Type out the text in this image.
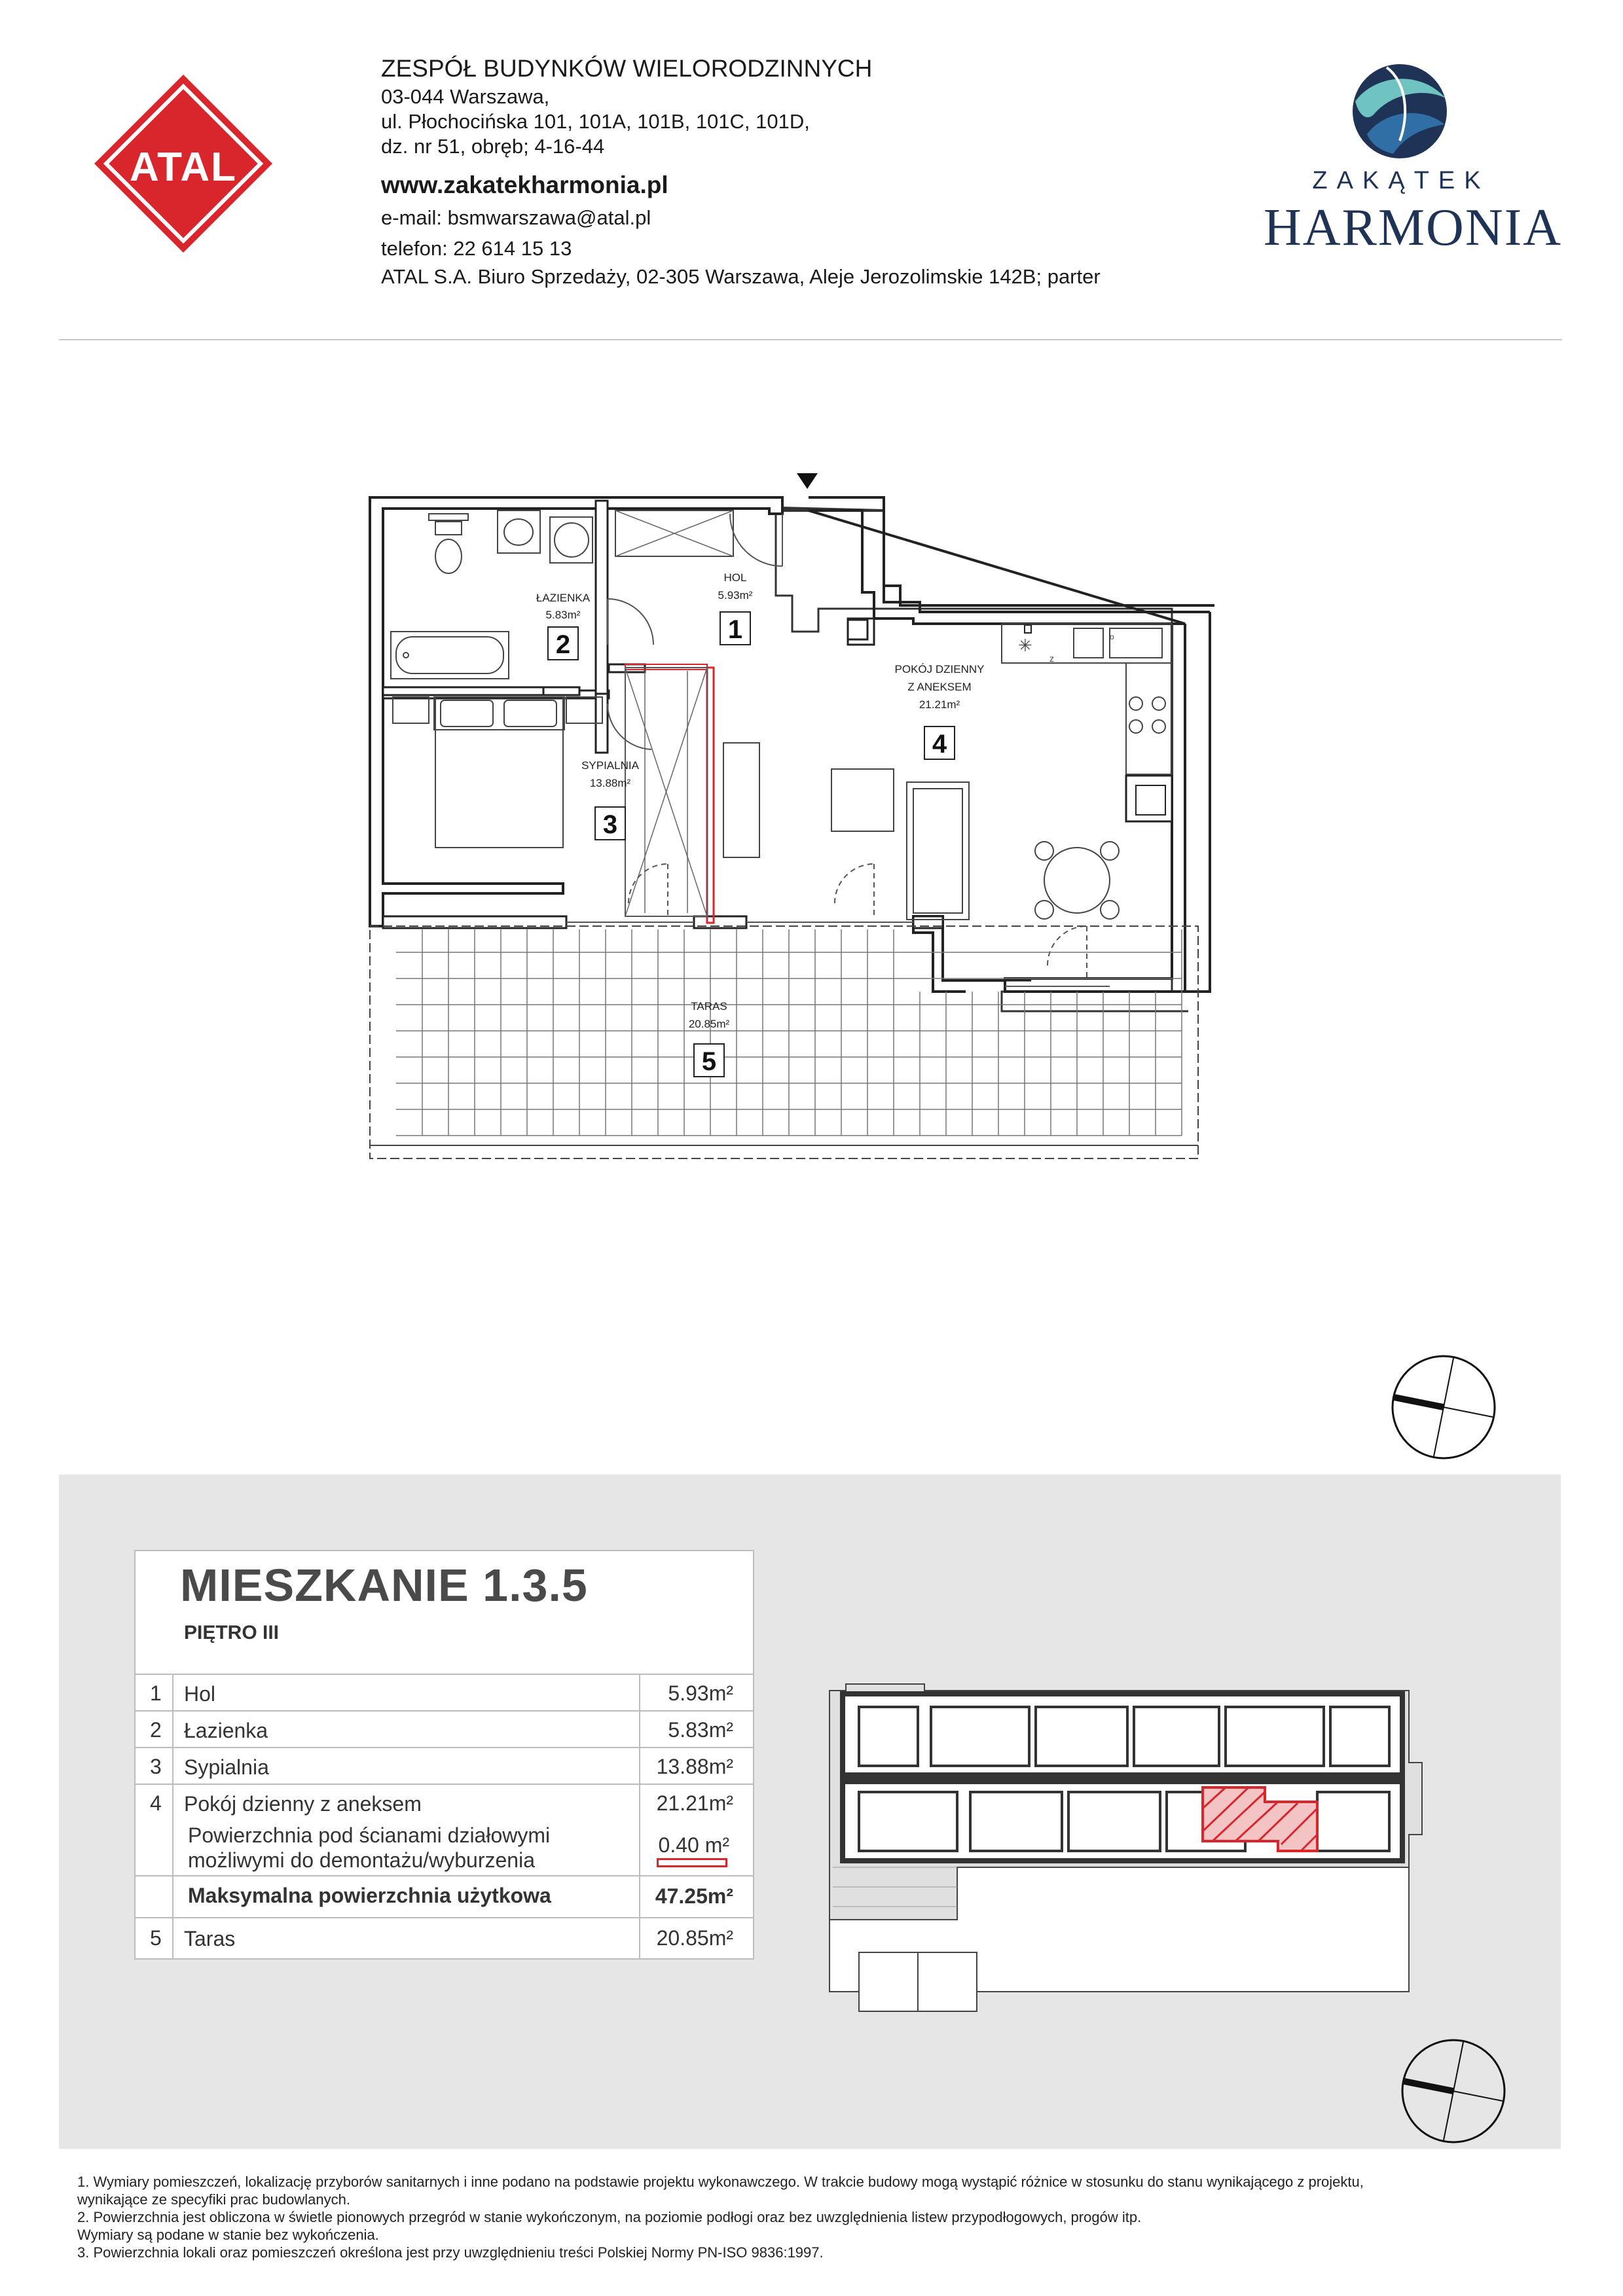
ATAL
ZESPÓŁ BUDYNKÓW WIELORODZINNYCH
03-044 Warszawa,
ul. Płochocińska 101, 101A, 101B, 101C, 101D,
dz. nr 51, obręb; 4-16-44
www.zakatekharmonia.pl
e-mail: bsmwarszawa@atal.pl
telefon: 22 614 15 13
ATAL S.A. Biuro Sprzedaży, 02-305 Warszawa, Aleje Jerozolimskie 142B; parter
ZAKĄTEK
HARMONIA
✳
z
o
HOL
5.93m²
1
ŁAZIENKA
5.83m²
2
SYPIALNIA
13.88m²
3
POKÓJ DZIENNY
Z ANEKSEM
21.21m²
4
TARAS
20.85m²
5
MIESZKANIE 1.3.5
PIĘTRO III
1 Hol	5.93m²
2 Łazienka	5.83m²
3 Sypialnia	13.88m²
4 Pokój dzienny z aneksem	21.21m²
Powierzchnia pod ścianami działowymi
możliwymi do demontażu/wyburzenia
0.40 m²
Maksymalna powierzchnia użytkowa	47.25m²
5 Taras	20.85m²
1. Wymiary pomieszczeń, lokalizację przyborów sanitarnych i inne podano na podstawie projektu wykonawczego. W trakcie budowy mogą wystąpić różnice w stosunku do stanu wynikającego z projektu,
wynikające ze specyfiki prac budowlanych.
2. Powierzchnia jest obliczona w świetle pionowych przegród w stanie wykończonym, na poziomie podłogi oraz bez uwzględnienia listew przypodłogowych, progów itp.
Wymiary są podane w stanie bez wykończenia.
3. Powierzchnia lokali oraz pomieszczeń określona jest przy uwzględnieniu treści Polskiej Normy PN-ISO 9836:1997.
